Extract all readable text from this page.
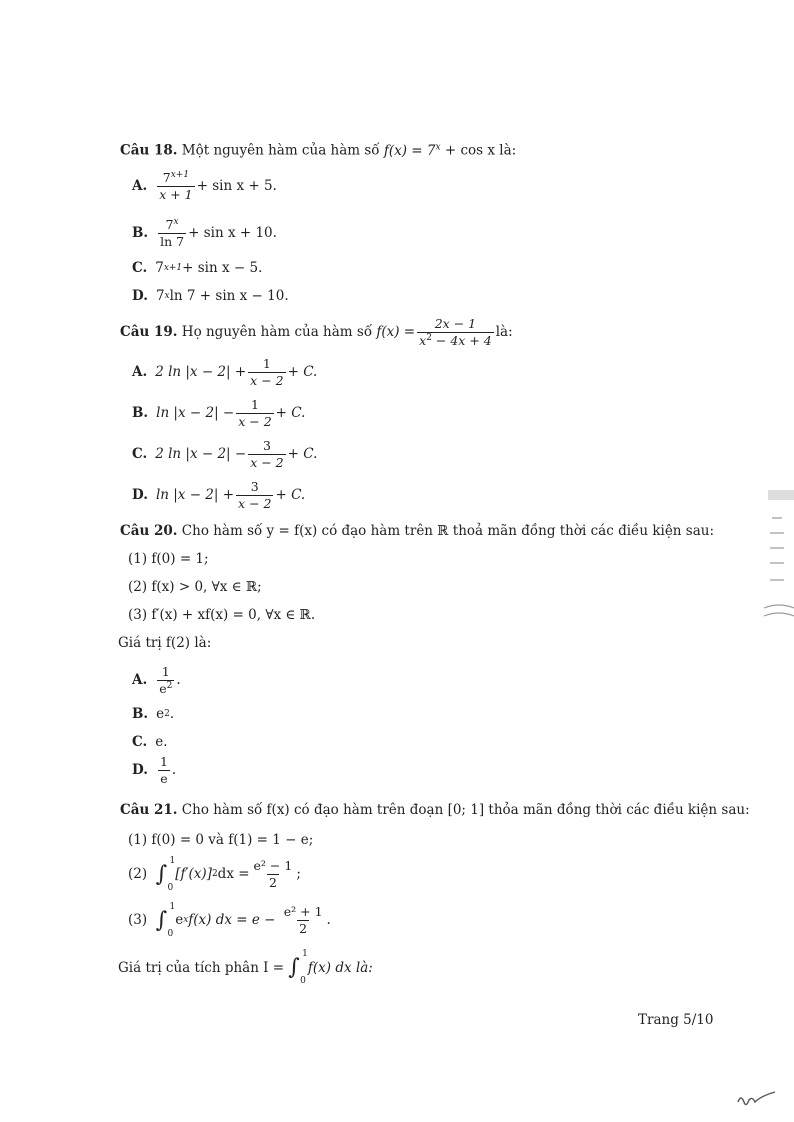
Câu 18. Một nguyên hàm của hàm số $f(x) = 7^x + \cos x$ là:
A. $\frac{7^{x+1}}{x + 1} + \sin x + 5$.
B. $\frac{7^x}{\ln 7} + \sin x + 10$.
C. 7 x+1 + sin x − 5.
D. 7 x ln 7 + sin x − 10.
Câu 19.
Họ nguyên hàm của hàm số
$f(x) = \frac{2x - 1}{x^2 - 4x + 4}$ là:
A. 2 $\ln |x - 2| + \frac{1}{x - 2} + C$.
B. $\ln |x - 2| - \frac{1}{x - 2} + C$.
C. 2 $\ln |x - 2| - \frac{3}{x - 2} + C$.
D. $\ln |x - 2| + \frac{3}{x - 2} + C$.
Câu 20. Cho hàm số y = f(x) có đạo hàm trên ℝ thoả mãn đồng thời các điều kiện sau:
(1) f(0) = 1;
(2) f(x) > 0, ∀x ∈ ℝ;
(3) f′(x) + xf(x) = 0, ∀x ∈ ℝ.
Giá trị f(2) là:
A. $\frac{1}{e^2}$ .
B. e 2 .
C. e.
D. $\frac{1}{e}$ .
Câu 21. Cho hàm số f(x) có đạo hàm trên đoạn [0; 1] thỏa mãn đồng thời các điều kiện sau:
(1) f(0) = 0 và f(1) = 1 − e;
(2)
∫
1
0
[f′(x)] 2 dx = $\frac{\text{e² − 1}}{2}$ ;
(3)
∫
1
0
e x f(x) dx = e −
$\frac{\text{e² + 1}}{2}$ .
Giá trị của tích phân I =
∫
1
0
f(x) dx là:
Trang 5/10
